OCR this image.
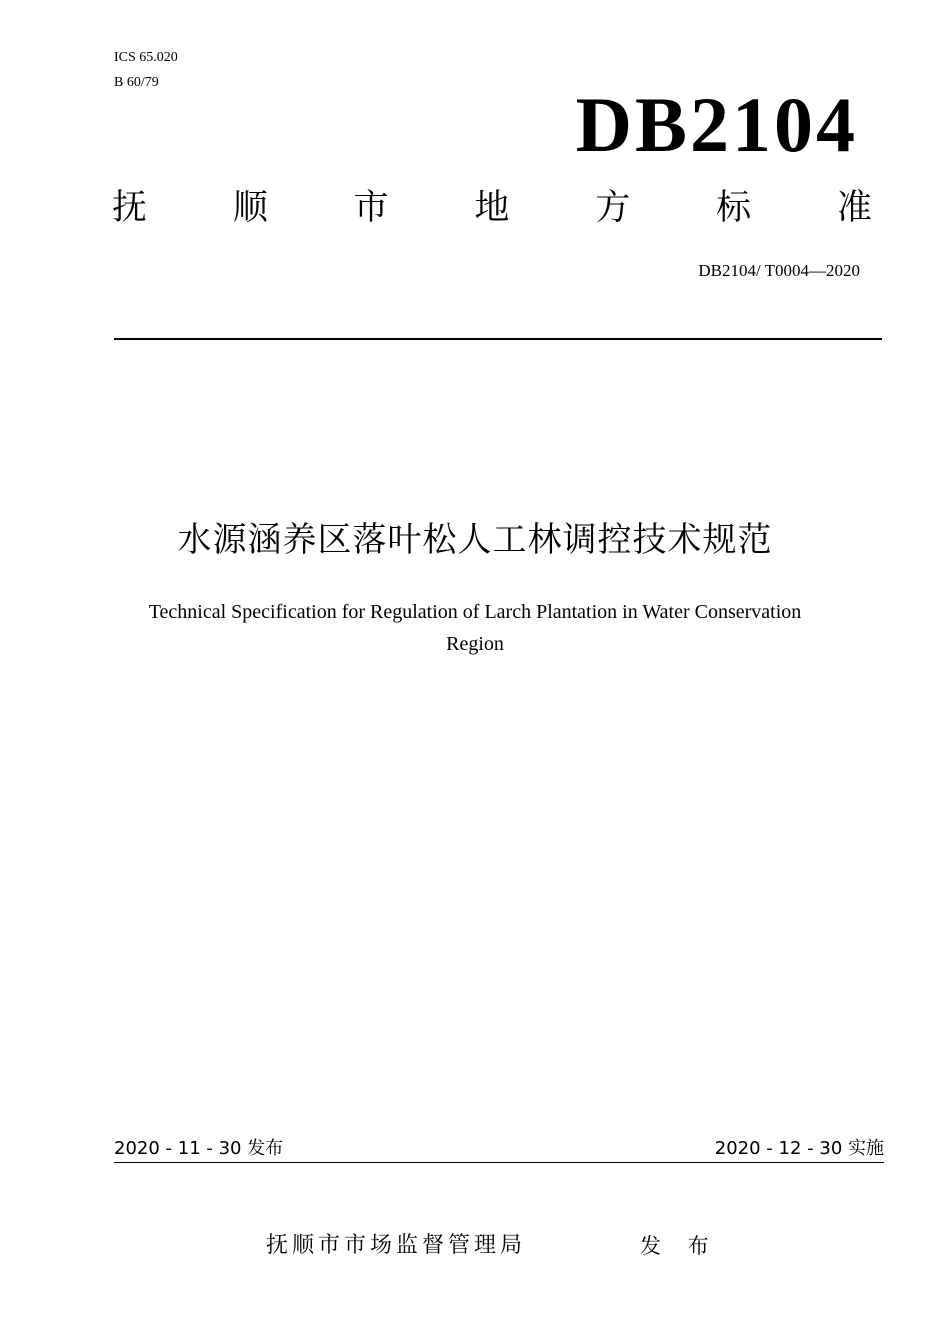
ICS 65.020
B 60/79	DB2104
抚 顺 市 地 方 标 准
DB2104/ T0004—2020
水源涵养区落叶松人工林调控技术规范
Technical Specification for Regulation of Larch Plantation in Water Conservation
Region
2020 - 11 - 30 发布	2020 - 12 - 30 实施
抚顺市市场监督管理局	发 布
